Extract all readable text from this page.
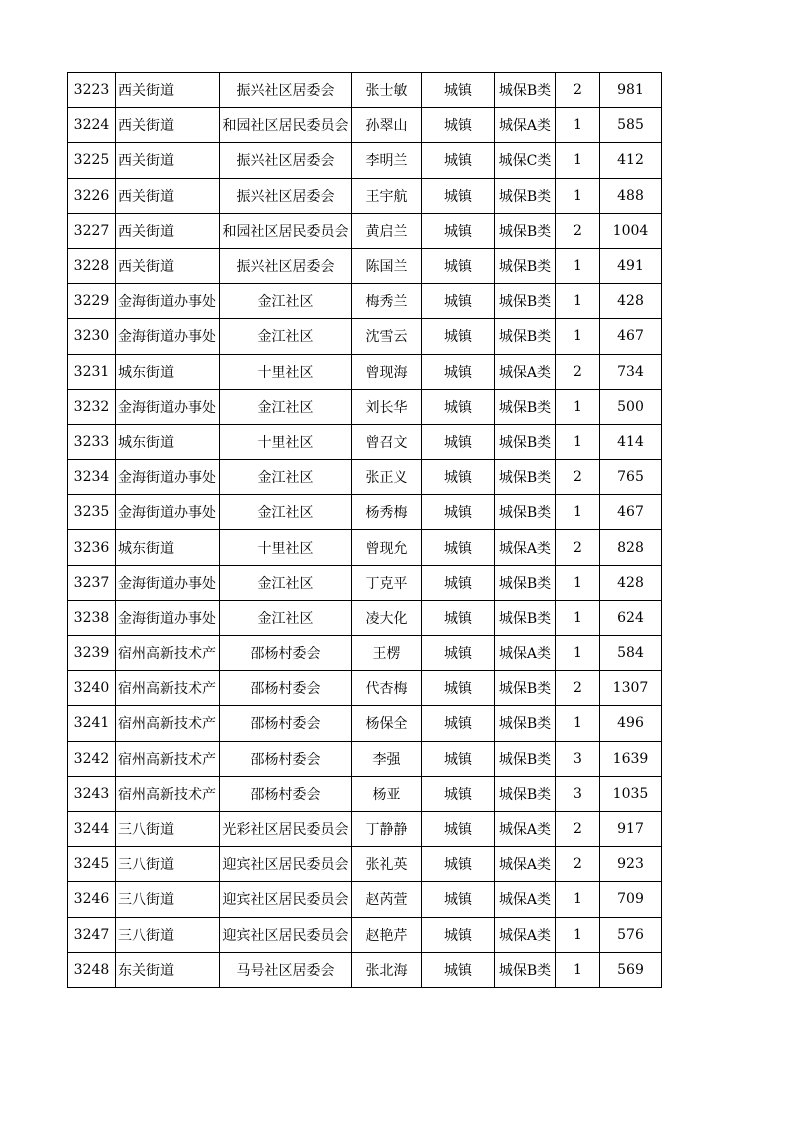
3223	西关街道	振兴社区居委会	张士敏	城镇	城保B类	2	981
3224	西关街道	和园社区居民委员会	孙翠山	城镇	城保A类	1	585
3225	西关街道	振兴社区居委会	李明兰	城镇	城保C类	1	412
3226	西关街道	振兴社区居委会	王宇航	城镇	城保B类	1	488
3227	西关街道	和园社区居民委员会	黄启兰	城镇	城保B类	2	1004
3228	西关街道	振兴社区居委会	陈国兰	城镇	城保B类	1	491
3229	金海街道办事处	金江社区	梅秀兰	城镇	城保B类	1	428
3230	金海街道办事处	金江社区	沈雪云	城镇	城保B类	1	467
3231	城东街道	十里社区	曾现海	城镇	城保A类	2	734
3232	金海街道办事处	金江社区	刘长华	城镇	城保B类	1	500
3233	城东街道	十里社区	曾召文	城镇	城保B类	1	414
3234	金海街道办事处	金江社区	张正义	城镇	城保B类	2	765
3235	金海街道办事处	金江社区	杨秀梅	城镇	城保B类	1	467
3236	城东街道	十里社区	曾现允	城镇	城保A类	2	828
3237	金海街道办事处	金江社区	丁克平	城镇	城保B类	1	428
3238	金海街道办事处	金江社区	凌大化	城镇	城保B类	1	624
3239	宿州高新技术产	邵杨村委会	王楞	城镇	城保A类	1	584
3240	宿州高新技术产	邵杨村委会	代杏梅	城镇	城保B类	2	1307
3241	宿州高新技术产	邵杨村委会	杨保全	城镇	城保B类	1	496
3242	宿州高新技术产	邵杨村委会	李强	城镇	城保B类	3	1639
3243	宿州高新技术产	邵杨村委会	杨亚	城镇	城保B类	3	1035
3244	三八街道	光彩社区居民委员会	丁静静	城镇	城保A类	2	917
3245	三八街道	迎宾社区居民委员会	张礼英	城镇	城保A类	2	923
3246	三八街道	迎宾社区居民委员会	赵芮萱	城镇	城保A类	1	709
3247	三八街道	迎宾社区居民委员会	赵艳芹	城镇	城保A类	1	576
3248	东关街道	马号社区居委会	张北海	城镇	城保B类	1	569
